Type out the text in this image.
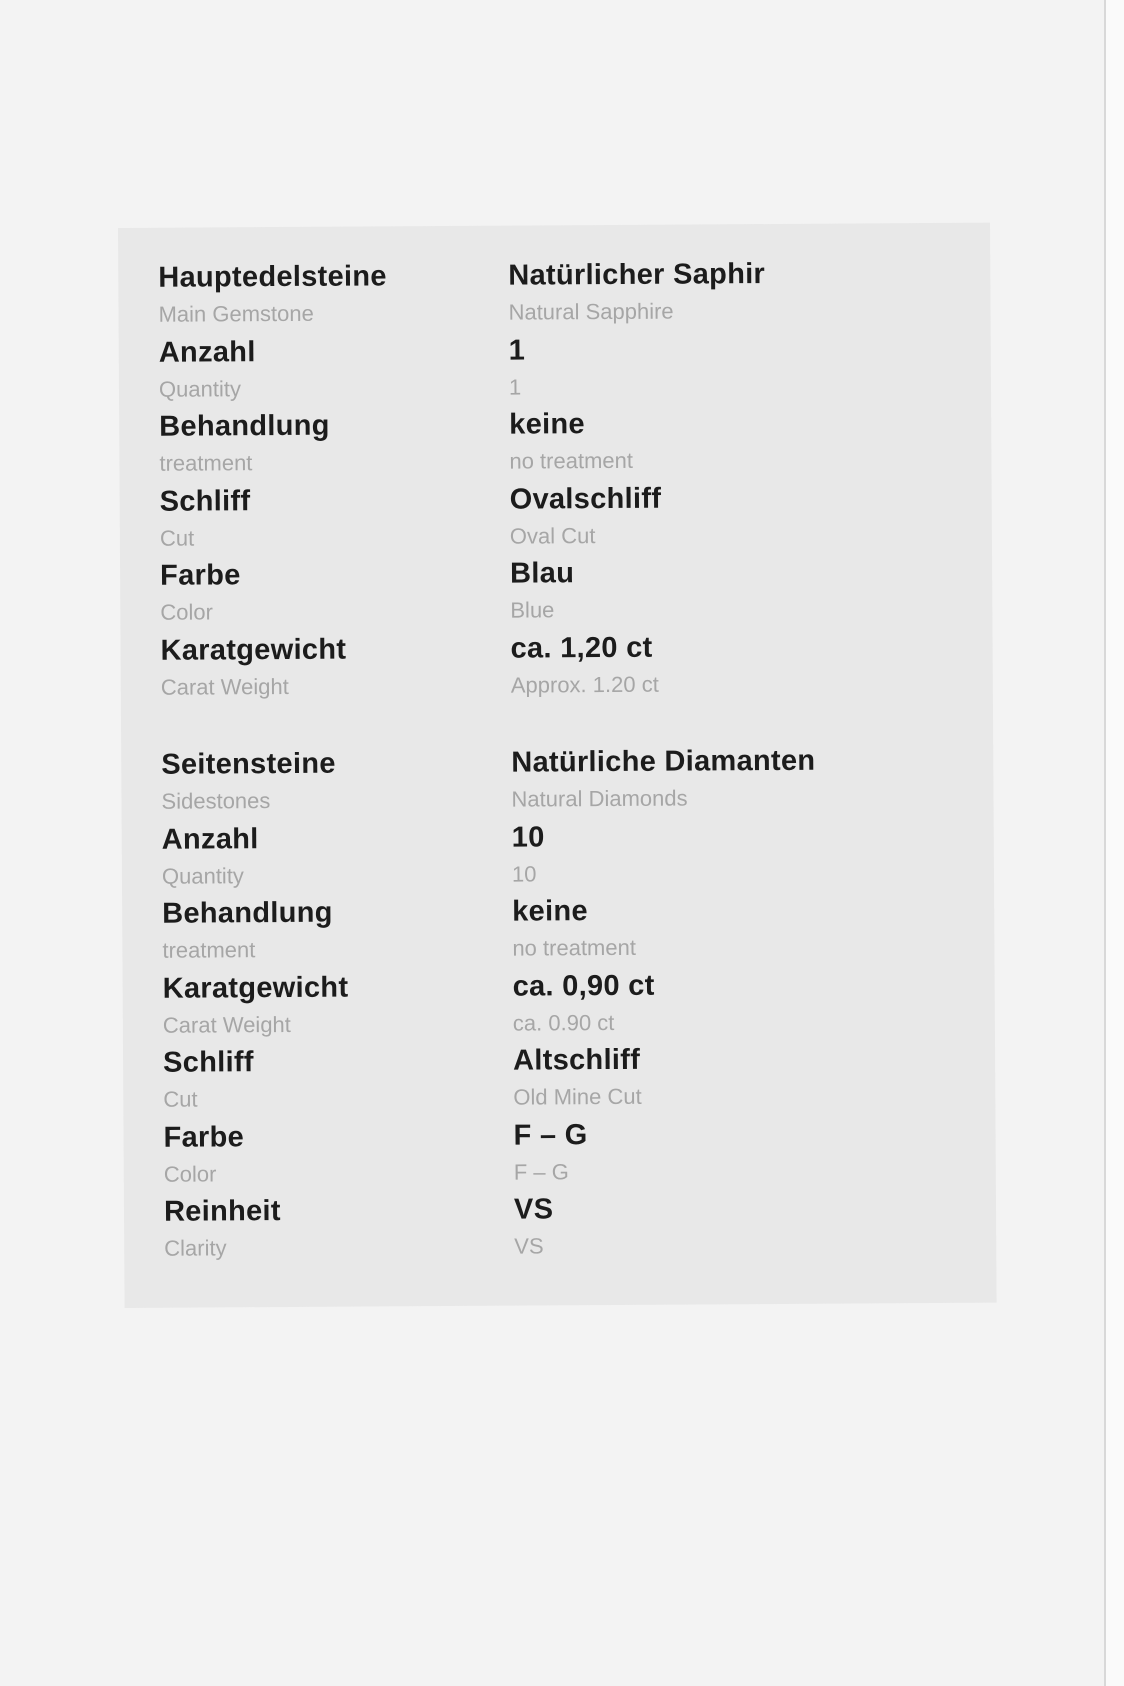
Hauptedelsteine
Main Gemstone
Natürlicher Saphir
Natural Sapphire
Anzahl
Quantity
1
1
Behandlung
treatment
keine
no treatment
Schliff
Cut
Ovalschliff
Oval Cut
Farbe
Color
Blau
Blue
Karatgewicht
Carat Weight
ca. 1,20 ct
Approx. 1.20 ct
Seitensteine
Sidestones
Natürliche Diamanten
Natural Diamonds
Anzahl
Quantity
10
10
Behandlung
treatment
keine
no treatment
Karatgewicht
Carat Weight
ca. 0,90 ct
ca. 0.90 ct
Schliff
Cut
Altschliff
Old Mine Cut
Farbe
Color
F – G
F – G
Reinheit
Clarity
VS
VS
